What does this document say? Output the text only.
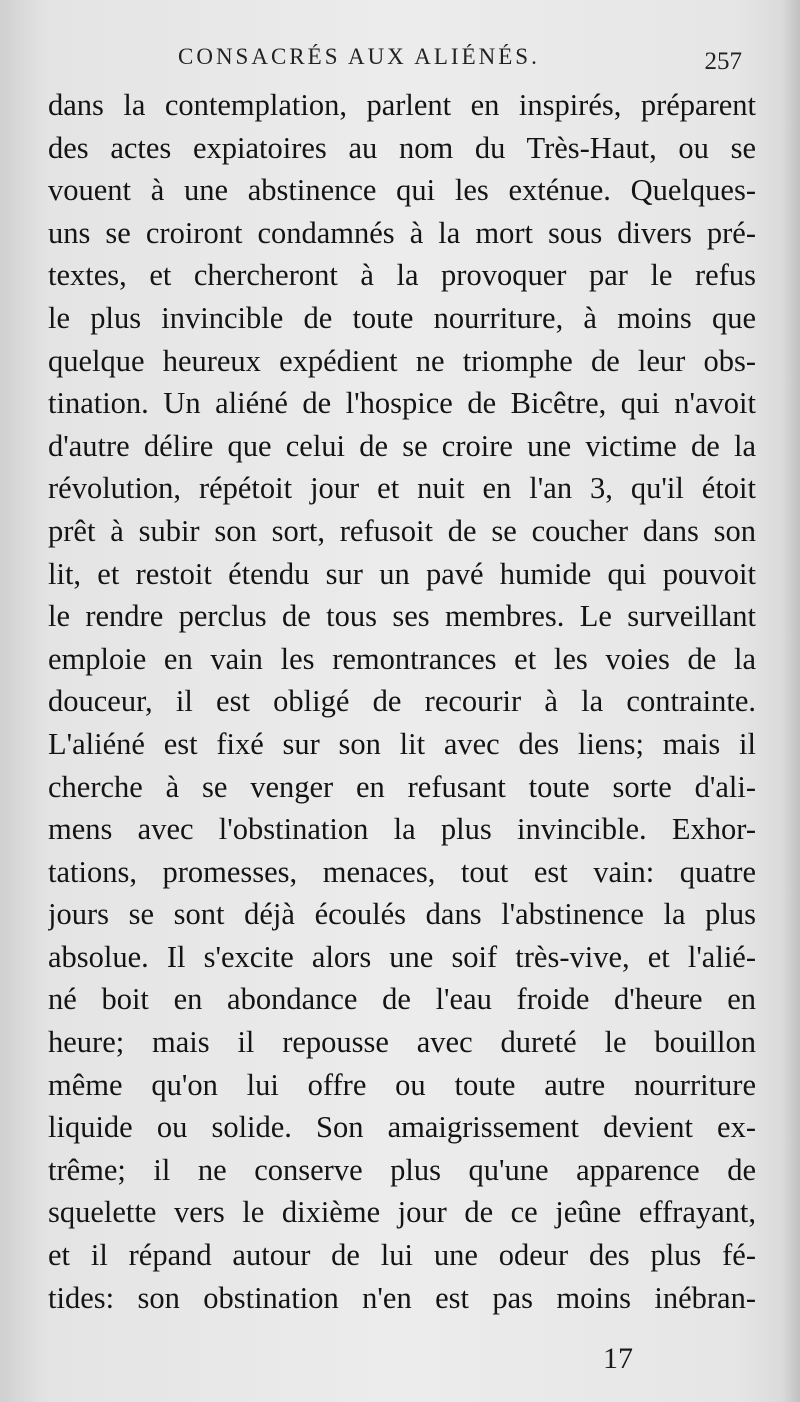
CONSACRÉS AUX ALIÉNÉS.	257
dans la contemplation, parlent en inspirés, préparent
des actes expiatoires au nom du Très-Haut, ou se
vouent à une abstinence qui les exténue. Quelques-
uns se croiront condamnés à la mort sous divers pré-
textes, et chercheront à la provoquer par le refus
le plus invincible de toute nourriture, à moins que
quelque heureux expédient ne triomphe de leur obs-
tination. Un aliéné de l'hospice de Bicêtre, qui n'avoit
d'autre délire que celui de se croire une victime de la
révolution, répétoit jour et nuit en l'an 3, qu'il étoit
prêt à subir son sort, refusoit de se coucher dans son
lit, et restoit étendu sur un pavé humide qui pouvoit
le rendre perclus de tous ses membres. Le surveillant
emploie en vain les remontrances et les voies de la
douceur, il est obligé de recourir à la contrainte.
L'aliéné est fixé sur son lit avec des liens; mais il
cherche à se venger en refusant toute sorte d'ali-
mens avec l'obstination la plus invincible. Exhor-
tations, promesses, menaces, tout est vain: quatre
jours se sont déjà écoulés dans l'abstinence la plus
absolue. Il s'excite alors une soif très-vive, et l'alié-
né boit en abondance de l'eau froide d'heure en
heure; mais il repousse avec dureté le bouillon
même qu'on lui offre ou toute autre nourriture
liquide ou solide. Son amaigrissement devient ex-
trême; il ne conserve plus qu'une apparence de
squelette vers le dixième jour de ce jeûne effrayant,
et il répand autour de lui une odeur des plus fé-
tides: son obstination n'en est pas moins inébran-
17
